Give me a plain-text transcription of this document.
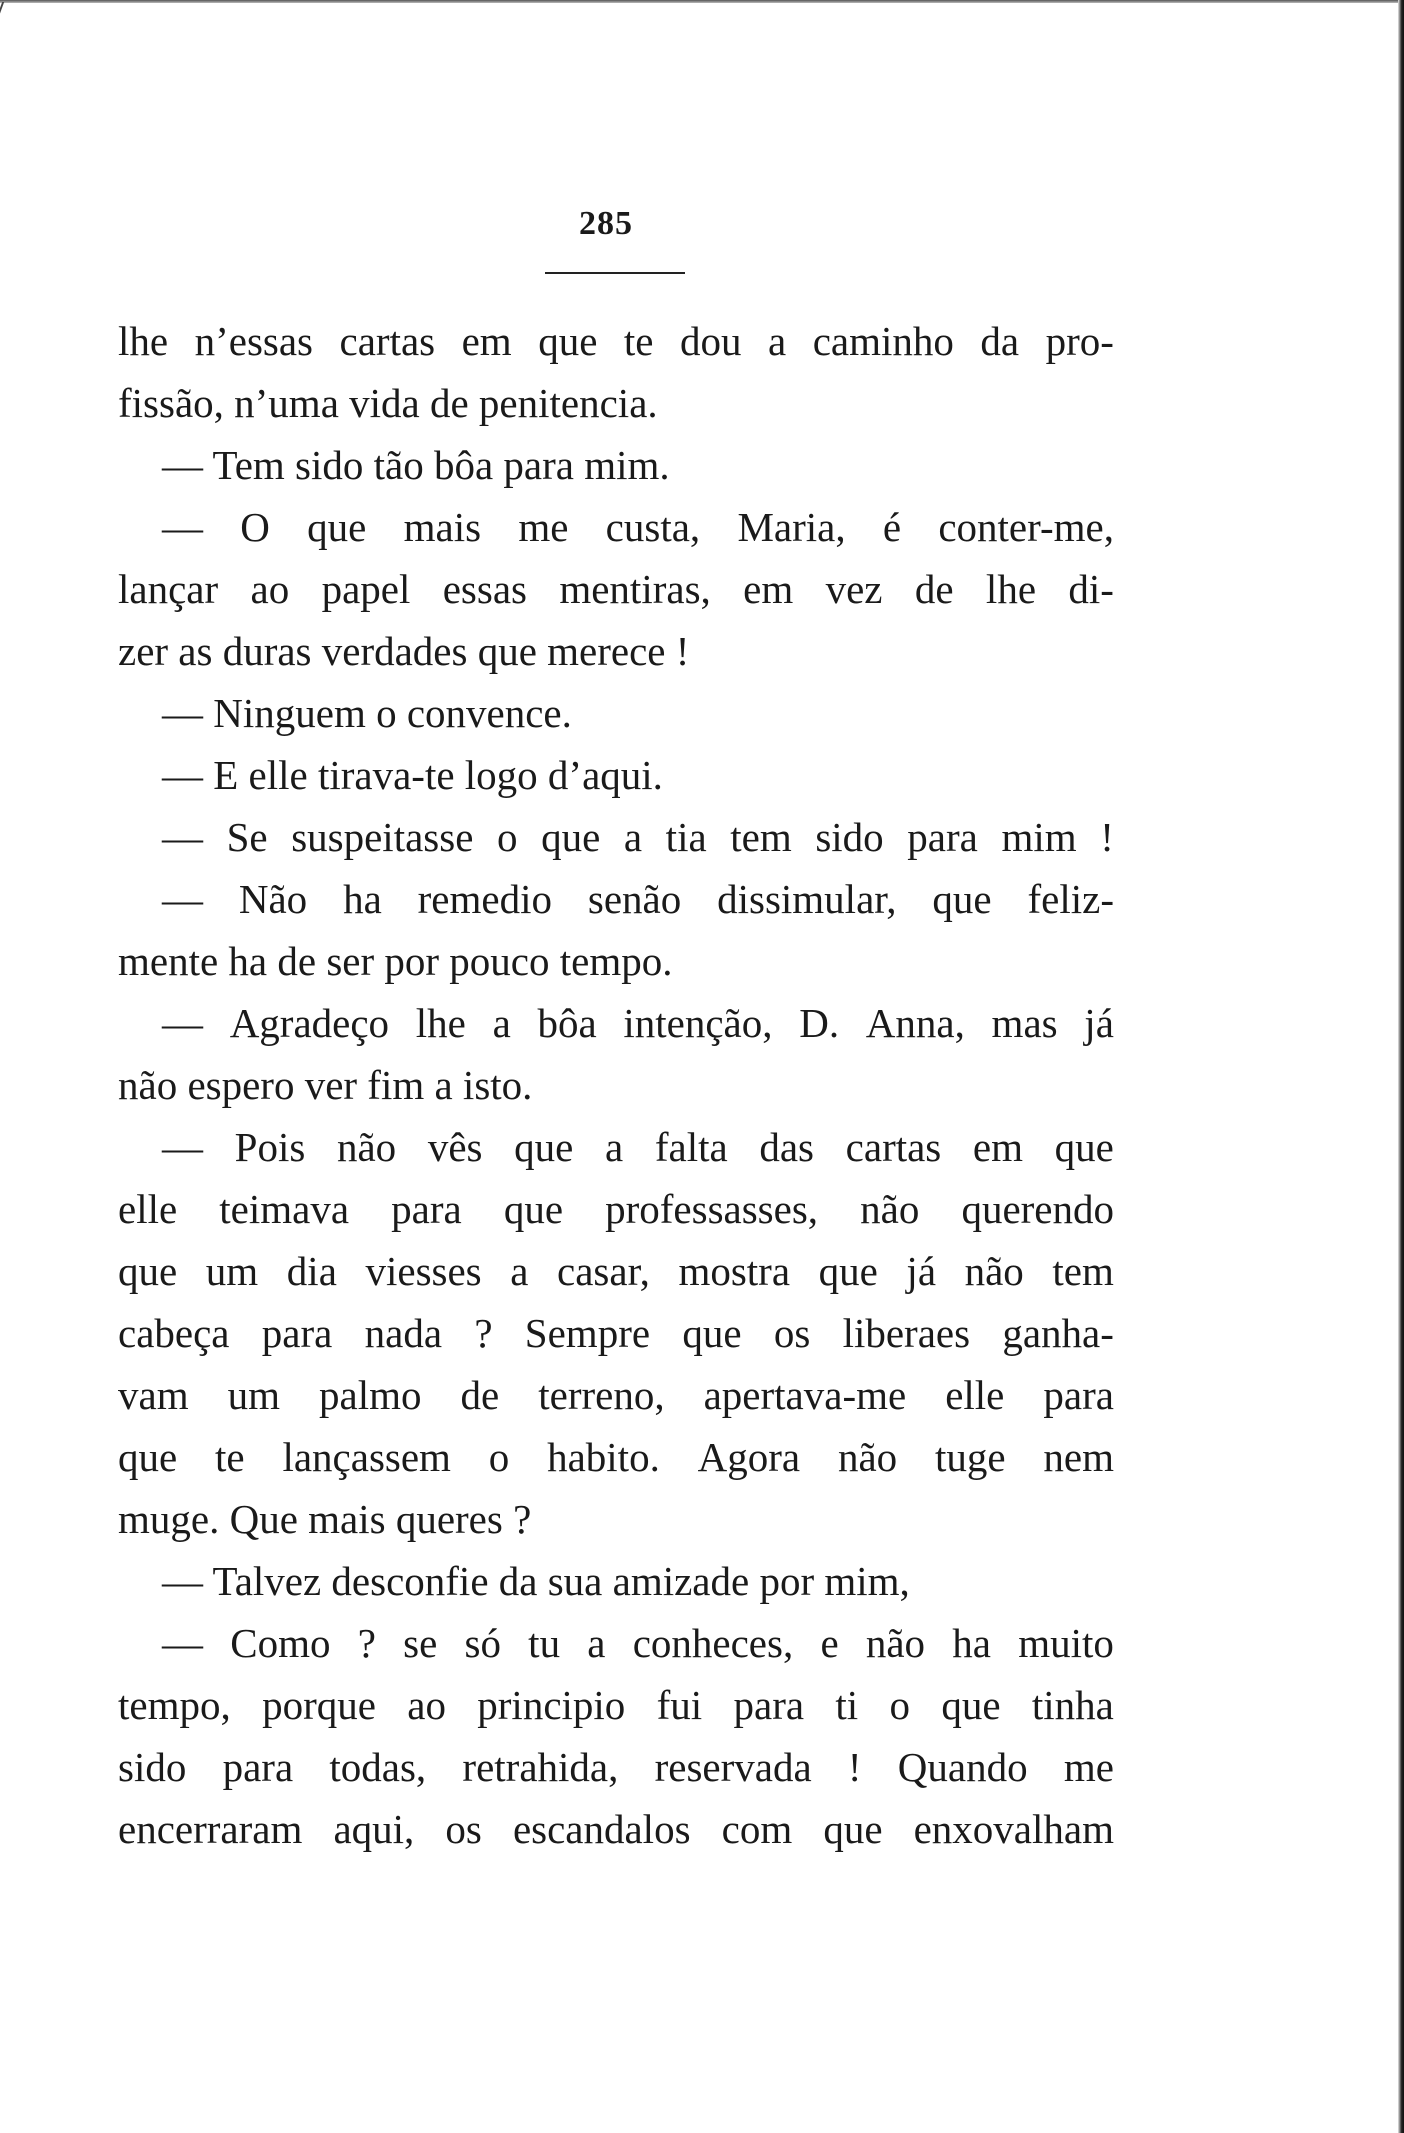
285
lhe n’essas cartas em que te dou a caminho da pro-
fissão, n’uma vida de penitencia.
— Tem sido tão bôa para mim.
— O que mais me custa, Maria, é conter-me,
lançar ao papel essas mentiras, em vez de lhe di-
zer as duras verdades que merece !
— Ninguem o convence.
— E elle tirava-te logo d’aqui.
— Se suspeitasse o que a tia tem sido para mim !
— Não ha remedio senão dissimular, que feliz-
mente ha de ser por pouco tempo.
— Agradeço lhe a bôa intenção, D. Anna, mas já
não espero ver fim a isto.
— Pois não vês que a falta das cartas em que
elle teimava para que professasses, não querendo
que um dia viesses a casar, mostra que já não tem
cabeça para nada ? Sempre que os liberaes ganha-
vam um palmo de terreno, apertava-me elle para
que te lançassem o habito. Agora não tuge nem
muge. Que mais queres ?
— Talvez desconfie da sua amizade por mim,
— Como ? se só tu a conheces, e não ha muito
tempo, porque ao principio fui para ti o que tinha
sido para todas, retrahida, reservada ! Quando me
encerraram aqui, os escandalos com que enxovalham
